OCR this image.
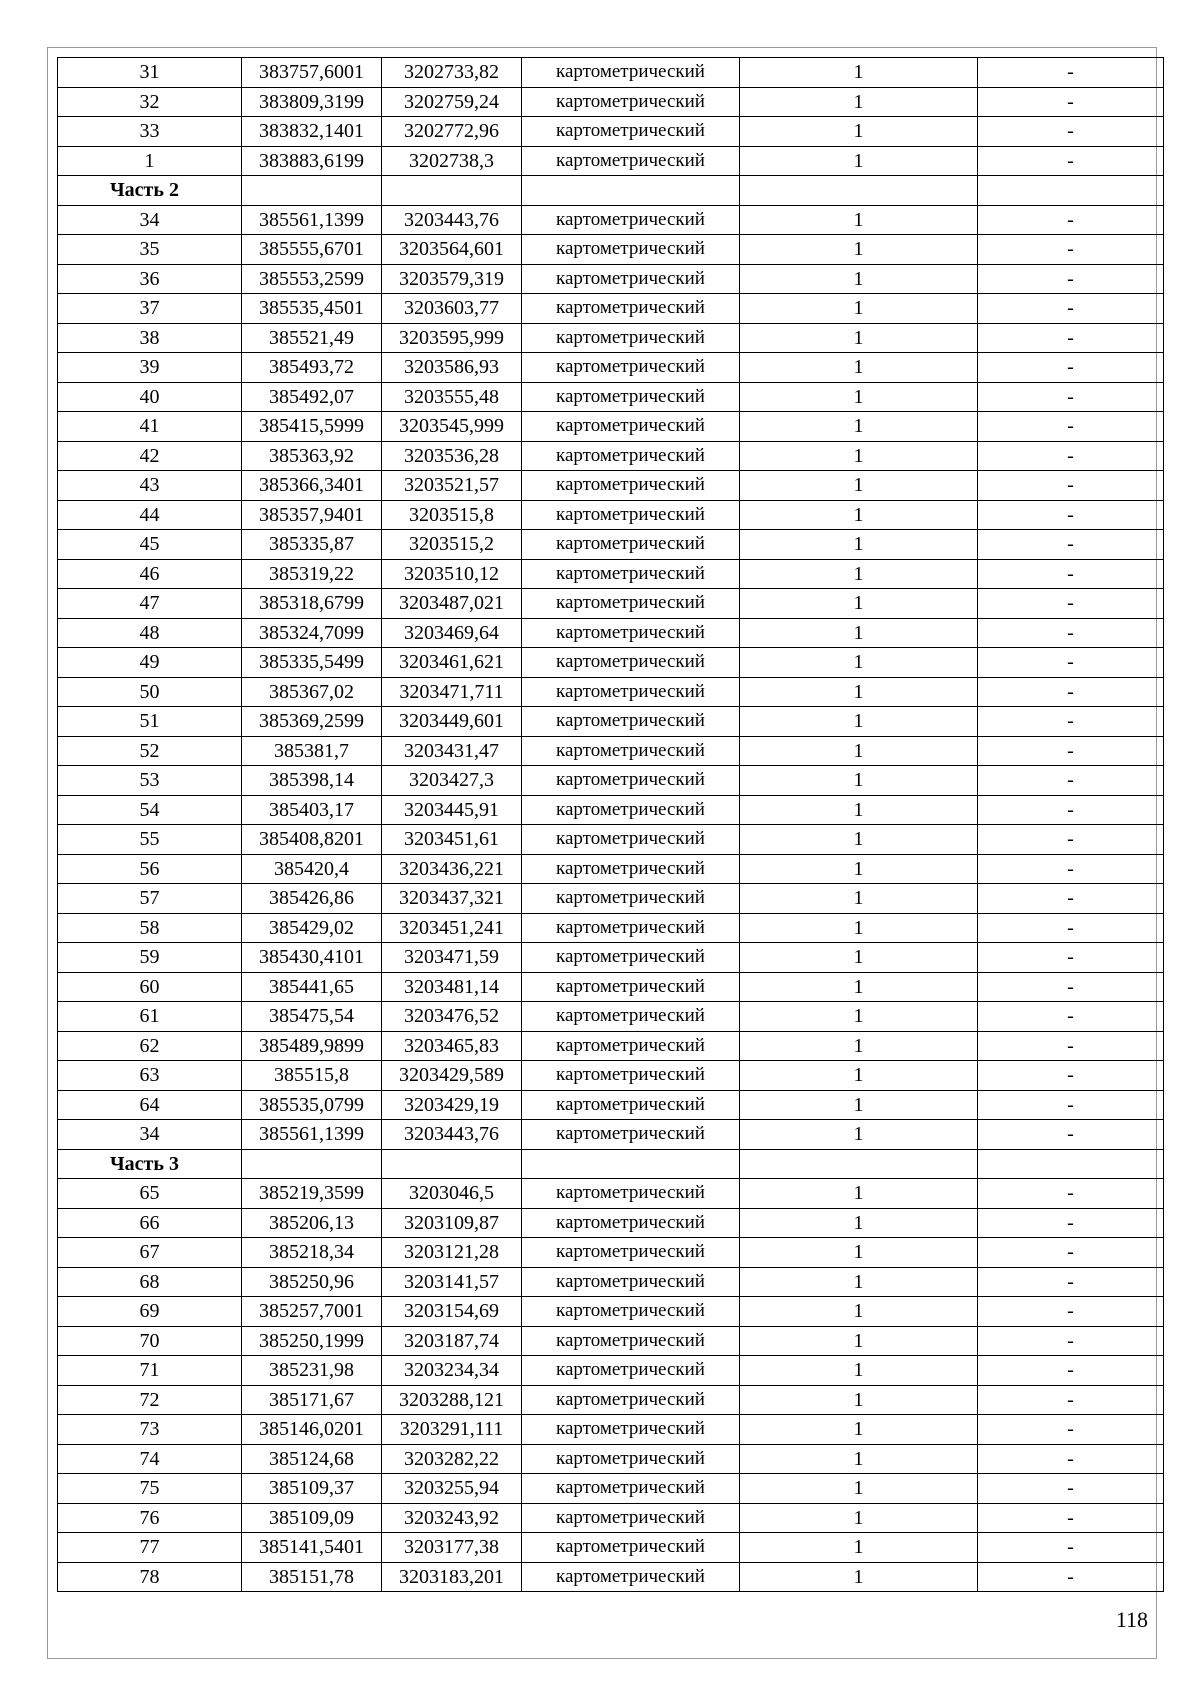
31	383757,6001	3202733,82	картометрический	1	-
32	383809,3199	3202759,24	картометрический	1	-
33	383832,1401	3202772,96	картометрический	1	-
1	383883,6199	3202738,3	картометрический	1	-
Часть 2					
34	385561,1399	3203443,76	картометрический	1	-
35	385555,6701	3203564,601	картометрический	1	-
36	385553,2599	3203579,319	картометрический	1	-
37	385535,4501	3203603,77	картометрический	1	-
38	385521,49	3203595,999	картометрический	1	-
39	385493,72	3203586,93	картометрический	1	-
40	385492,07	3203555,48	картометрический	1	-
41	385415,5999	3203545,999	картометрический	1	-
42	385363,92	3203536,28	картометрический	1	-
43	385366,3401	3203521,57	картометрический	1	-
44	385357,9401	3203515,8	картометрический	1	-
45	385335,87	3203515,2	картометрический	1	-
46	385319,22	3203510,12	картометрический	1	-
47	385318,6799	3203487,021	картометрический	1	-
48	385324,7099	3203469,64	картометрический	1	-
49	385335,5499	3203461,621	картометрический	1	-
50	385367,02	3203471,711	картометрический	1	-
51	385369,2599	3203449,601	картометрический	1	-
52	385381,7	3203431,47	картометрический	1	-
53	385398,14	3203427,3	картометрический	1	-
54	385403,17	3203445,91	картометрический	1	-
55	385408,8201	3203451,61	картометрический	1	-
56	385420,4	3203436,221	картометрический	1	-
57	385426,86	3203437,321	картометрический	1	-
58	385429,02	3203451,241	картометрический	1	-
59	385430,4101	3203471,59	картометрический	1	-
60	385441,65	3203481,14	картометрический	1	-
61	385475,54	3203476,52	картометрический	1	-
62	385489,9899	3203465,83	картометрический	1	-
63	385515,8	3203429,589	картометрический	1	-
64	385535,0799	3203429,19	картометрический	1	-
34	385561,1399	3203443,76	картометрический	1	-
Часть 3					
65	385219,3599	3203046,5	картометрический	1	-
66	385206,13	3203109,87	картометрический	1	-
67	385218,34	3203121,28	картометрический	1	-
68	385250,96	3203141,57	картометрический	1	-
69	385257,7001	3203154,69	картометрический	1	-
70	385250,1999	3203187,74	картометрический	1	-
71	385231,98	3203234,34	картометрический	1	-
72	385171,67	3203288,121	картометрический	1	-
73	385146,0201	3203291,111	картометрический	1	-
74	385124,68	3203282,22	картометрический	1	-
75	385109,37	3203255,94	картометрический	1	-
76	385109,09	3203243,92	картометрический	1	-
77	385141,5401	3203177,38	картометрический	1	-
78	385151,78	3203183,201	картометрический	1	-
118
